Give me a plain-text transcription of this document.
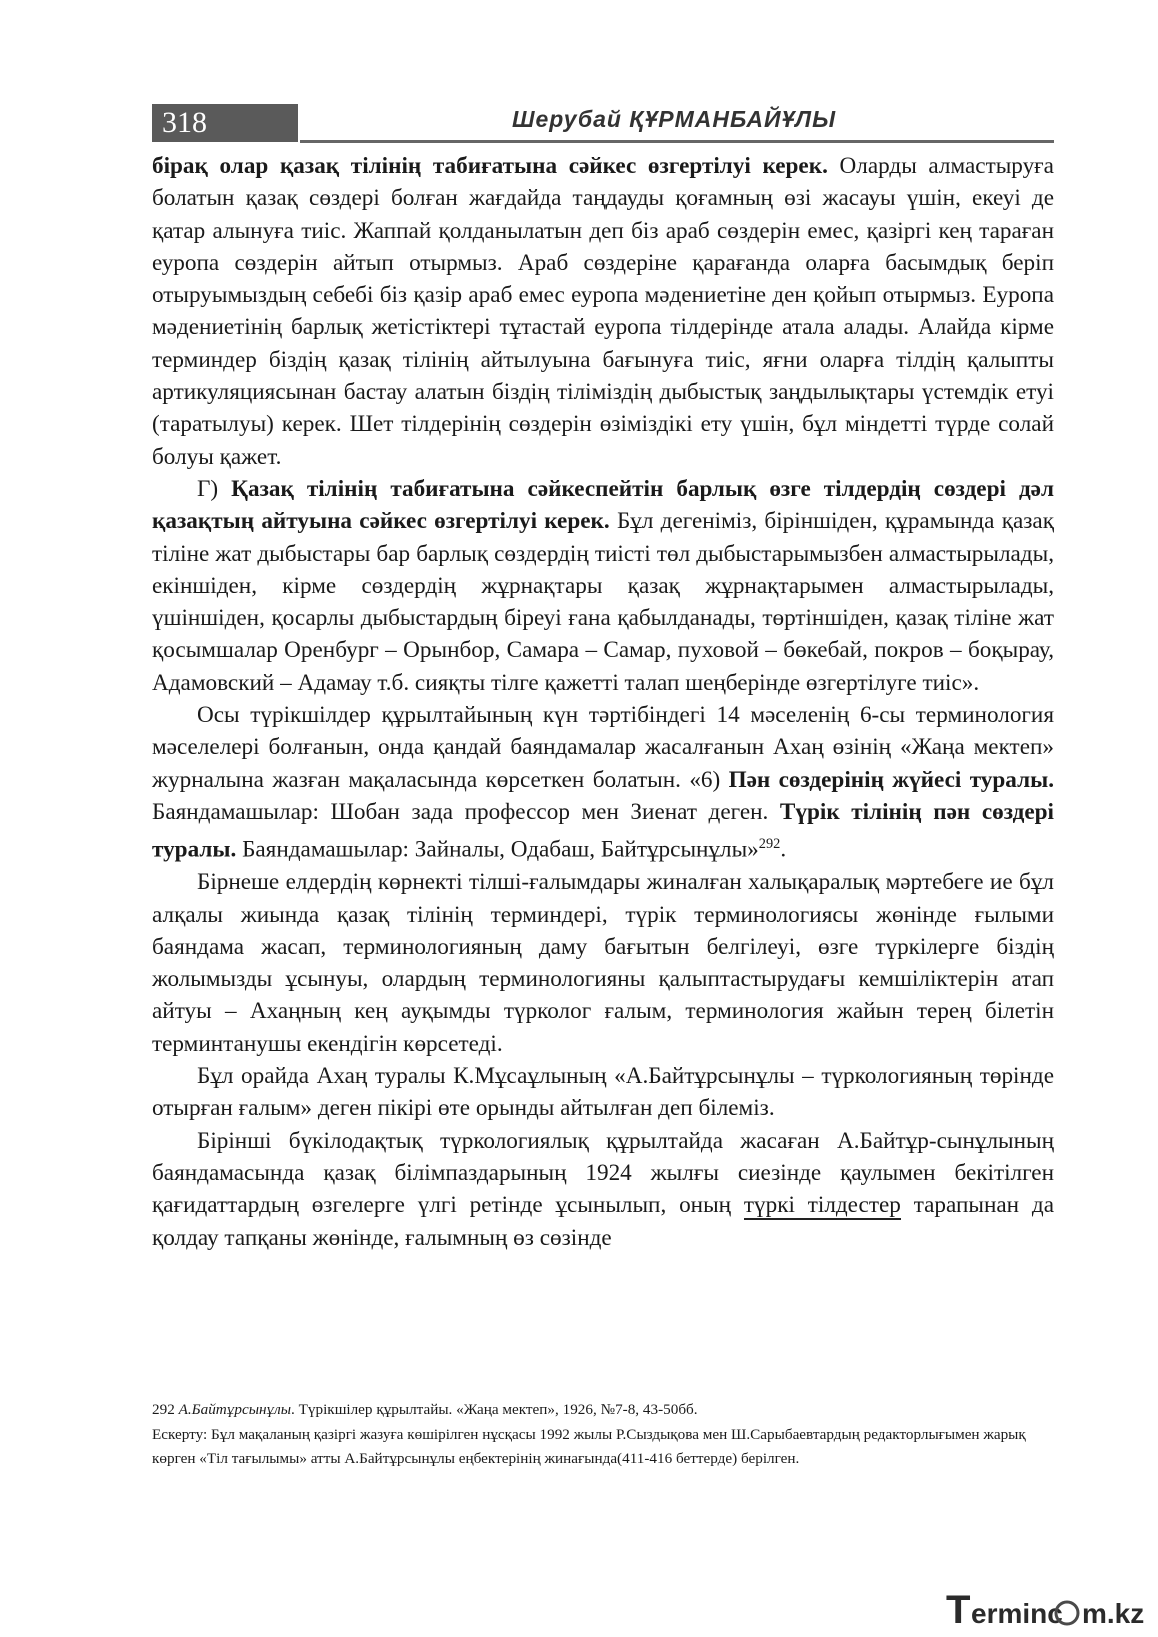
318	Шерубай ҚҰРМАНБАЙҰЛЫ

бірақ олар қазақ тілінің табиғатына сәйкес өзгертілуі керек. Оларды алмастыруға болатын қазақ сөздері болған жағдайда таңдауды қоғамның өзі жасауы үшін, екеуі де қатар алынуға тиіс. Жаппай қолданылатын деп біз араб сөздерін емес, қазіргі кең тараған еуропа сөздерін айтып отырмыз. Араб сөздеріне қарағанда оларға басымдық беріп отыруымыздың себебі біз қазір араб емес еуропа мәдениетіне ден қойып отырмыз. Еуропа мәдениетінің барлық жетістіктері тұтастай еуропа тілдерінде атала алады. Алайда кірме терминдер біздің қазақ тілінің айтылуына бағынуға тиіс, яғни оларға тілдің қалыпты артикуляциясынан бастау алатын біздің тіліміздің дыбыстық заңдылықтары үстемдік етуі (таратылуы) керек. Шет тілдерінің сөздерін өзіміздікі ету үшін, бұл міндетті түрде солай болуы қажет.

Г) Қазақ тілінің табиғатына сәйкеспейтін барлық өзге тілдердің сөздері дәл қазақтың айтуына сәйкес өзгертілуі керек. Бұл дегеніміз, біріншіден, құрамында қазақ тіліне жат дыбыстары бар барлық сөздердің тиісті төл дыбыстарымызбен алмастырылады, екіншіден, кірме сөздердің жұрнақтары қазақ жұрнақтарымен алмастырылады, үшіншіден, қосарлы дыбыстардың біреуі ғана қабылданады, төртіншіден, қазақ тіліне жат қосымшалар Оренбург – Орынбор, Самара – Самар, пуховой – бөкебай, покров – боқырау, Адамовский – Адамау т.б. сияқты тілге қажетті талап шеңберінде өзгертілуге тиіс».

Осы түрікшілдер құрылтайының күн тәртібіндегі 14 мәселенің 6-сы терминология мәселелері болғанын, онда қандай баяндамалар жасалғанын Ахаң өзінің «Жаңа мектеп» журналына жазған мақаласында көрсеткен болатын. «6) Пән сөздерінің жүйесі туралы. Баяндамашылар: Шобан зада профессор мен Зиенат деген. Түрік тілінің пән сөздері туралы. Баяндамашылар: Зайналы, Одабаш, Байтұрсынұлы»$^{292}$.

Бірнеше елдердің көрнекті тілші-ғалымдары жиналған халықаралық мәртебеге ие бұл алқалы жиында қазақ тілінің терминдері, түрік терминологиясы жөнінде ғылыми баяндама жасап, терминологияның даму бағытын белгілеуі, өзге түркілерге біздің жолымызды ұсынуы, олардың терминологияны қалыптастырудағы кемшіліктерін атап айтуы – Ахаңның кең ауқымды түрколог ғалым, терминология жайын терең білетін терминтанушы екендігін көрсетеді.

Бұл орайда Ахаң туралы К.Мұсаұлының «А.Байтұрсынұлы – түркологияның төрінде отырған ғалым» деген пікірі өте орынды айтылған деп білеміз.

Бірінші бүкілодақтық түркологиялық құрылтайда жасаған А.Байтұр-сынұлының баяндамасында қазақ білімпаздарының 1924 жылғы сиезінде қаулымен бекітілген қағидаттардың өзгелерге үлгі ретінде ұсынылып, оның түркі тілдестер тарапынан да қолдау тапқаны жөнінде, ғалымның өз сөзінде

292 А.Байтұрсынұлы. Түрікшілер құрылтайы. «Жаңа мектеп», 1926, №7-8, 43-50бб.

Ескерту: Бұл мақаланың қазіргі жазуға көшірілген нұсқасы 1992 жылы Р.Сыздықова мен Ш.Сарыбаевтардың редакторлығымен жарық көрген «Тіл тағылымы» атты А.Байтұрсынұлы еңбектерінің жинағында(411-416 беттерде) берілген.

T erminc m.kz
